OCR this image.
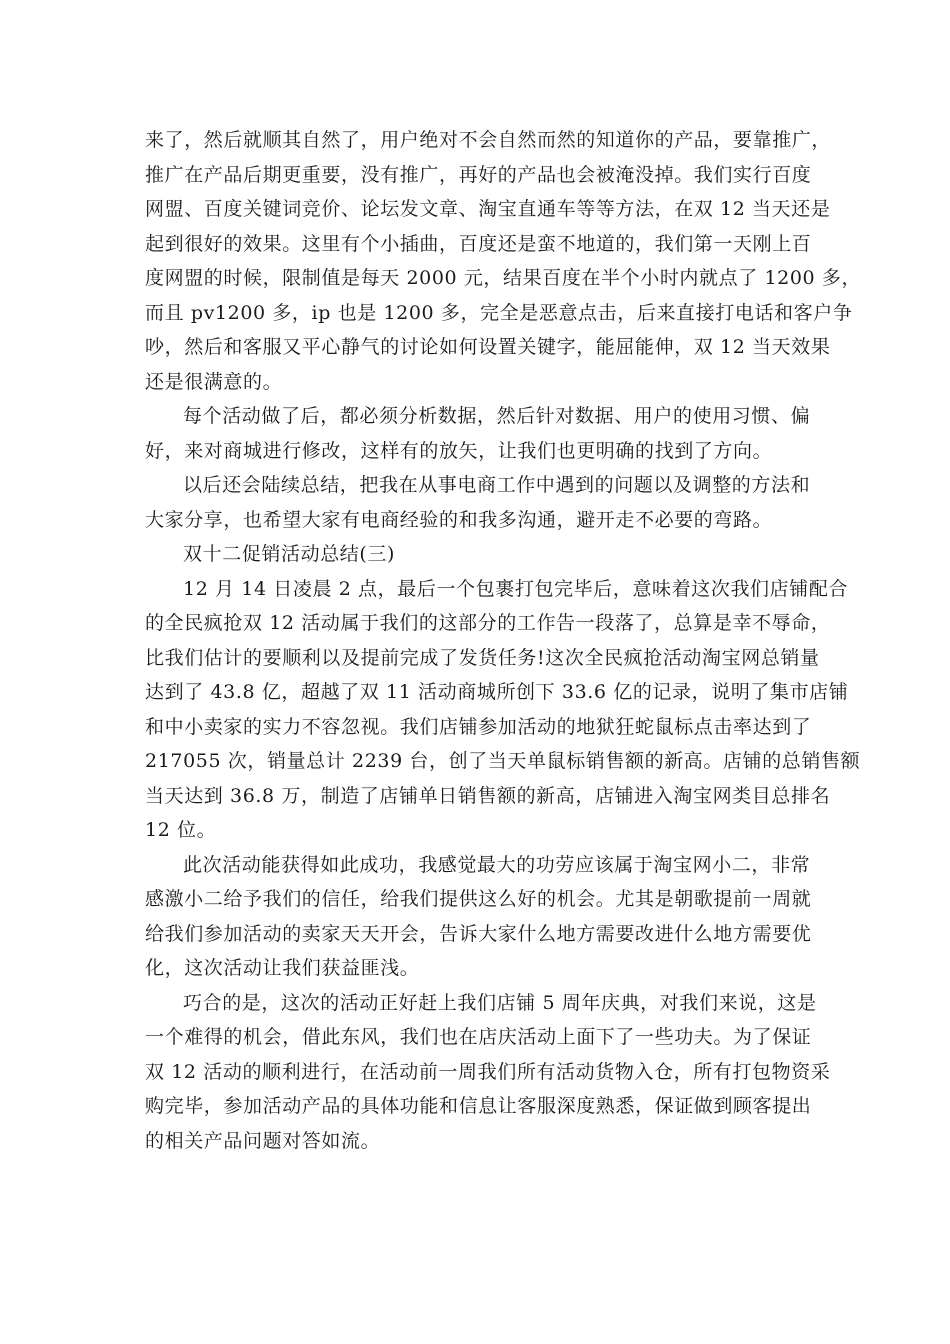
来了，然后就顺其自然了，用户绝对不会自然而然的知道你的产品，要靠推广，
推广在产品后期更重要，没有推广，再好的产品也会被淹没掉。我们实行百度
网盟、百度关键词竞价、论坛发文章、淘宝直通车等等方法，在双 12 当天还是
起到很好的效果。这里有个小插曲，百度还是蛮不地道的，我们第一天刚上百
度网盟的时候，限制值是每天 2000 元，结果百度在半个小时内就点了 1200 多，
而且 pv1200 多，ip 也是 1200 多，完全是恶意点击，后来直接打电话和客户争
吵，然后和客服又平心静气的讨论如何设置关键字，能屈能伸，双 12 当天效果
还是很满意的。
每个活动做了后，都必须分析数据，然后针对数据、用户的使用习惯、偏
好，来对商城进行修改，这样有的放矢，让我们也更明确的找到了方向。
以后还会陆续总结，把我在从事电商工作中遇到的问题以及调整的方法和
大家分享，也希望大家有电商经验的和我多沟通，避开走不必要的弯路。
双十二促销活动总结(三)
12 月 14 日凌晨 2 点，最后一个包裹打包完毕后，意味着这次我们店铺配合
的全民疯抢双 12 活动属于我们的这部分的工作告一段落了，总算是幸不辱命，
比我们估计的要顺利以及提前完成了发货任务!这次全民疯抢活动淘宝网总销量
达到了 43.8 亿，超越了双 11 活动商城所创下 33.6 亿的记录，说明了集市店铺
和中小卖家的实力不容忽视。我们店铺参加活动的地狱狂蛇鼠标点击率达到了
217055 次，销量总计 2239 台，创了当天单鼠标销售额的新高。店铺的总销售额
当天达到 36.8 万，制造了店铺单日销售额的新高，店铺进入淘宝网类目总排名
12 位。
此次活动能获得如此成功，我感觉最大的功劳应该属于淘宝网小二，非常
感激小二给予我们的信任，给我们提供这么好的机会。尤其是朝歌提前一周就
给我们参加活动的卖家天天开会，告诉大家什么地方需要改进什么地方需要优
化，这次活动让我们获益匪浅。
巧合的是，这次的活动正好赶上我们店铺 5 周年庆典，对我们来说，这是
一个难得的机会，借此东风，我们也在店庆活动上面下了一些功夫。为了保证
双 12 活动的顺利进行，在活动前一周我们所有活动货物入仓，所有打包物资采
购完毕，参加活动产品的具体功能和信息让客服深度熟悉，保证做到顾客提出
的相关产品问题对答如流。
